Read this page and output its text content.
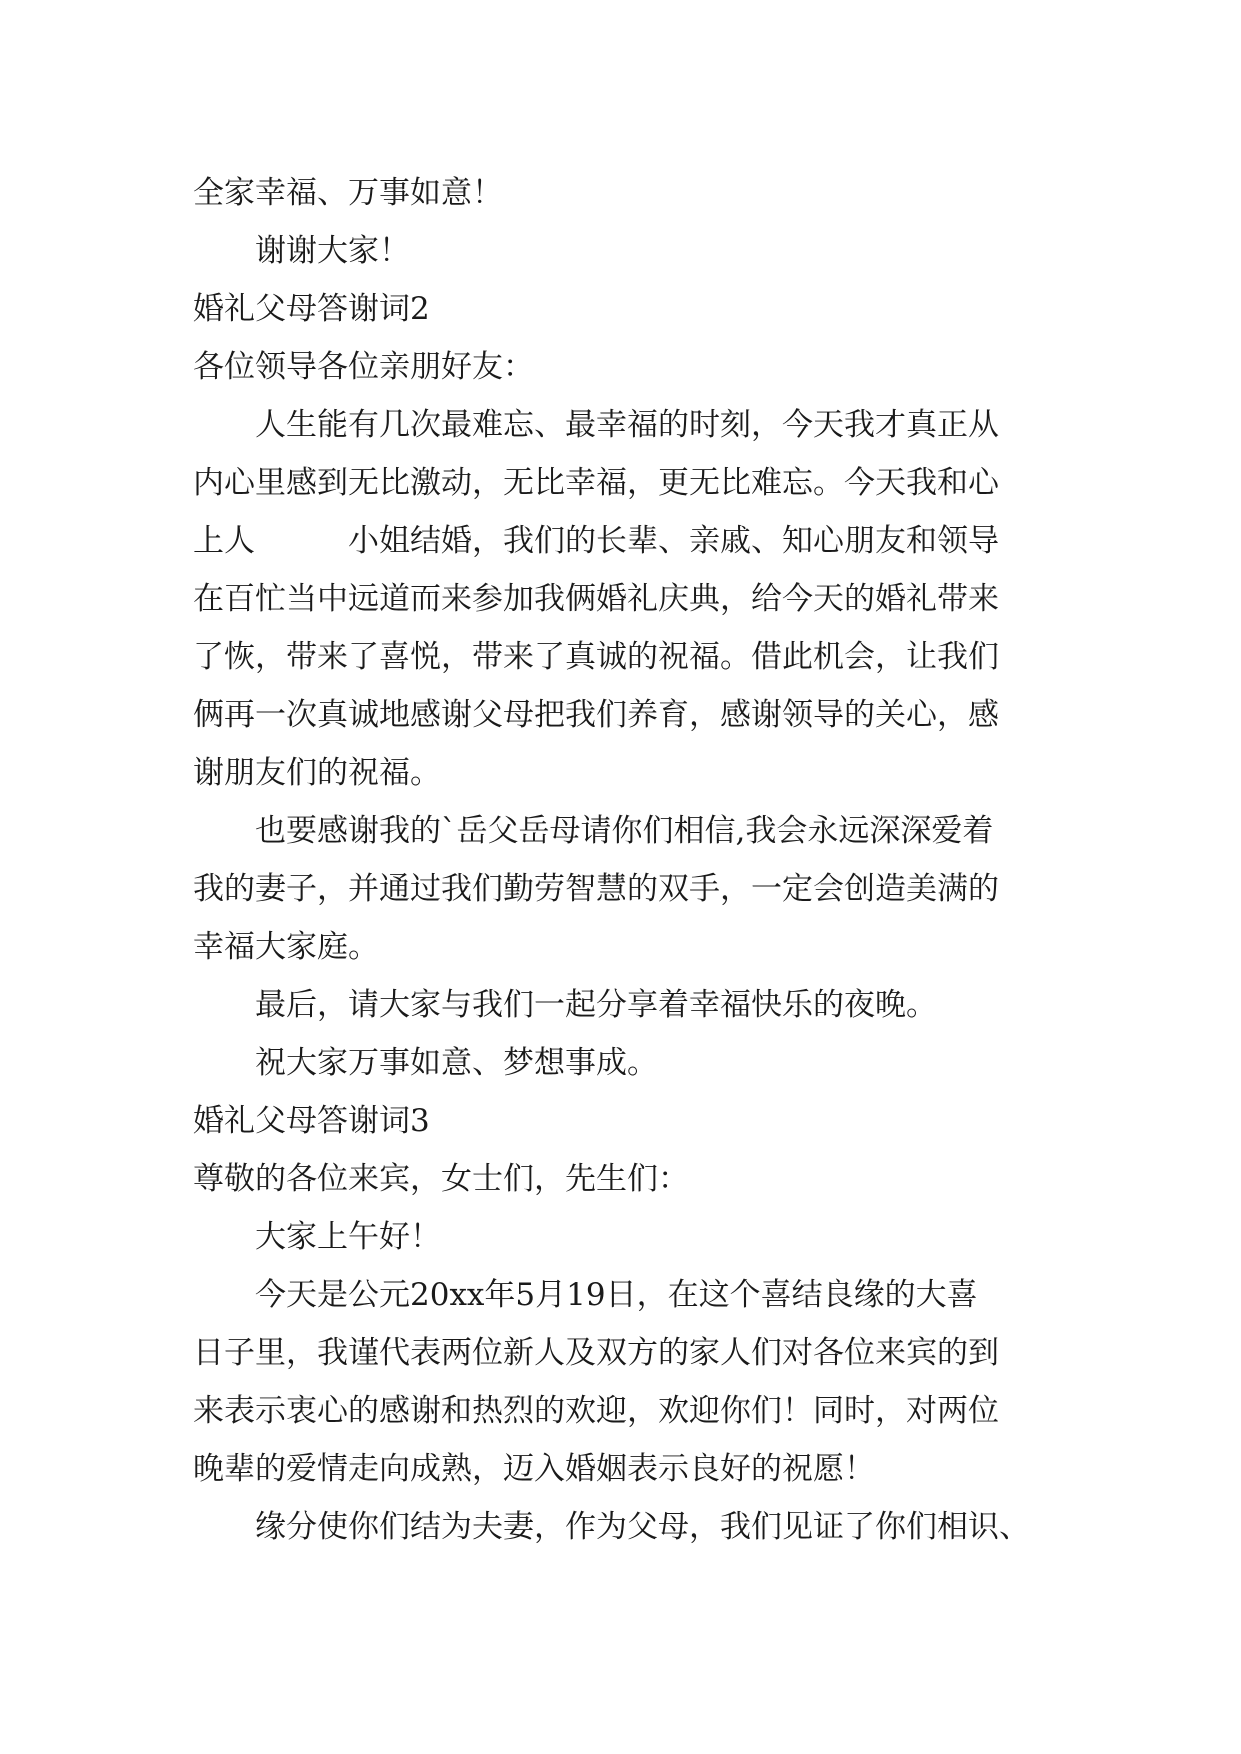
全家幸福、万事如意！
谢谢大家！
婚礼父母答谢词2
各位领导各位亲朋好友：
人生能有几次最难忘、最幸福的时刻，今天我才真正从
内心里感到无比激动，无比幸福，更无比难忘。今天我和心
上人　　　小姐结婚，我们的长辈、亲戚、知心朋友和领导
在百忙当中远道而来参加我俩婚礼庆典，给今天的婚礼带来
了恢，带来了喜悦，带来了真诚的祝福。借此机会，让我们
俩再一次真诚地感谢父母把我们养育，感谢领导的关心，感
谢朋友们的祝福。
也要感谢我的`岳父岳母请你们相信,我会永远深深爱着
我的妻子，并通过我们勤劳智慧的双手，一定会创造美满的
幸福大家庭。
最后，请大家与我们一起分享着幸福快乐的夜晚。
祝大家万事如意、梦想事成。
婚礼父母答谢词3
尊敬的各位来宾，女士们，先生们：
大家上午好！
今天是公元20xx年5月19日，在这个喜结良缘的大喜
日子里，我谨代表两位新人及双方的家人们对各位来宾的到
来表示衷心的感谢和热烈的欢迎，欢迎你们！同时，对两位
晚辈的爱情走向成熟，迈入婚姻表示良好的祝愿！
缘分使你们结为夫妻，作为父母，我们见证了你们相识、
